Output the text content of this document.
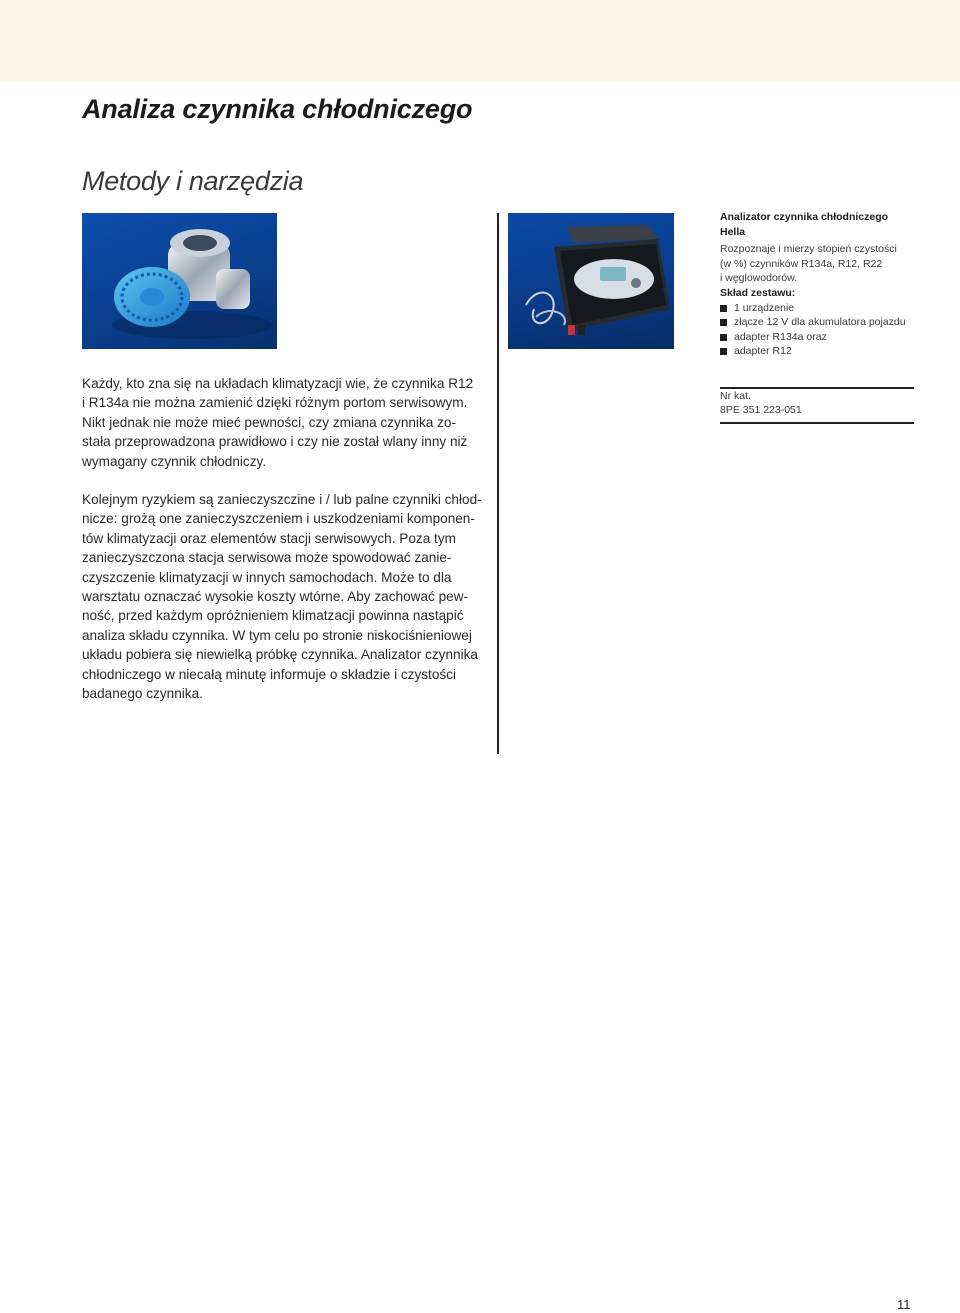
Analiza czynnika chłodniczego
Metody i narzędzia

Każdy, kto zna się na układach klimatyzacji wie, że czynnika R12
i R134a nie można zamienić dzięki różnym portom serwisowym.
Nikt jednak nie może mieć pewności, czy zmiana czynnika zo-
stała przeprowadzona prawidłowo i czy nie został wlany inny niż
wymagany czynnik chłodniczy.

Kolejnym ryzykiem są zanieczyszczine i / lub palne czynniki chłod-
nicze: grożą one zanieczyszczeniem i uszkodzeniami komponen-
tów klimatyzacji oraz elementów stacji serwisowych. Poza tym
zanieczyszczona stacja serwisowa może spowodować zanie-
czyszczenie klimatyzacji w innych samochodach. Może to dla
warsztatu oznaczać wysokie koszty wtórne. Aby zachować pew-
ność, przed każdym opróżnieniem klimatzacji powinna nastąpić
analiza składu czynnika. W tym celu po stronie niskociśnieniowej
układu pobiera się niewielką próbkę czynnika. Analizator czynnika
chłodniczego w niecałą minutę informuje o składzie i czystości
badanego czynnika.

Analizator czynnika chłodniczego
Hella

Rozpoznaje i mierzy stopień czystości
(w %) czynników R134a, R12, R22
i węglowodorów.

Skład zestawu:

1 urządzenie
złącze 12 V dla akumulatora pojazdu
adapter R134a oraz
adapter R12
Nr kat.
8PE 351 223-051
11
